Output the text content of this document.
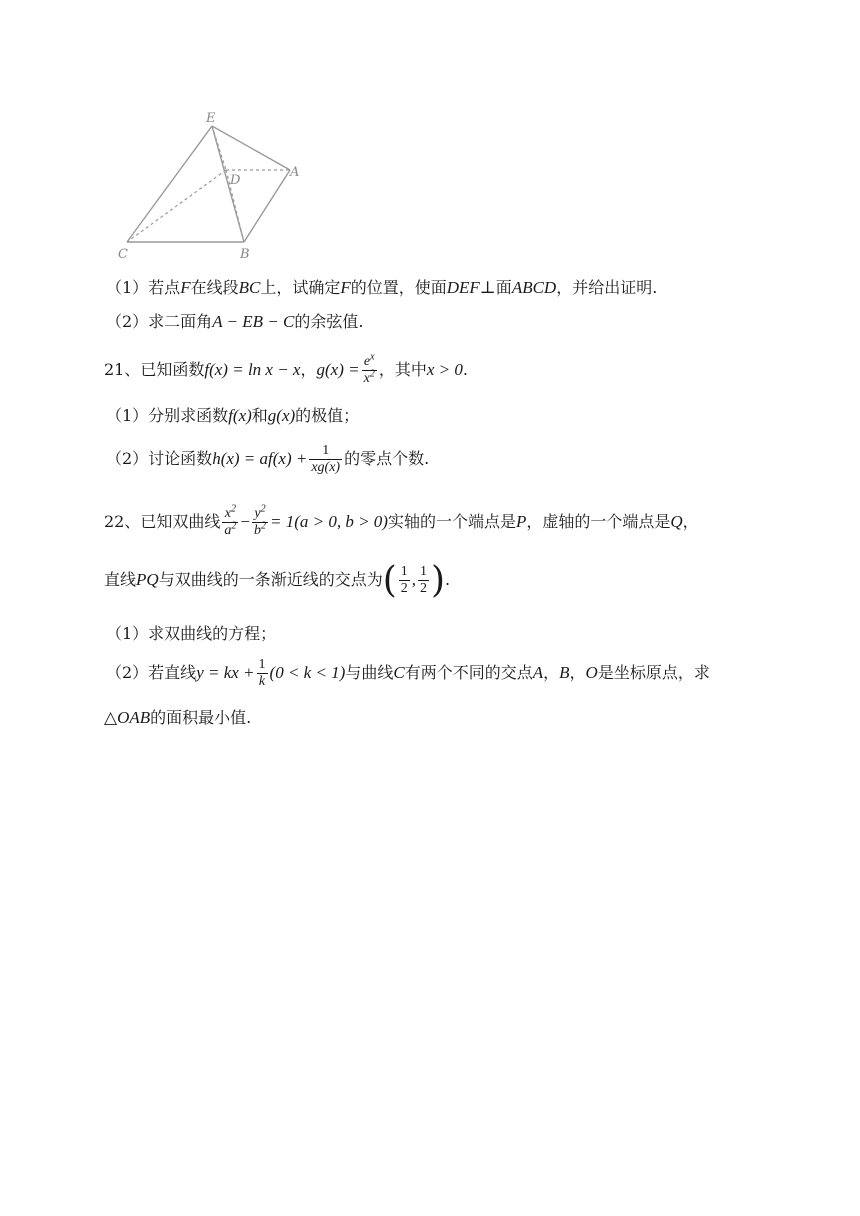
E
D
A
C	B
（1）若点F在线段BC上，试确定F的位置，使面DEF⊥面ABCD，并给出证明.
（2）求二面角A − EB − C的余弦值.
21、已知函数f(x) = ln x − x，$g(x) = \frac{e^x}{x^2}$ ，其中x > 0.
（1）分别求函数f(x)和g(x)的极值；
（2）讨论函数$h(x) = af(x) + \frac{1}{xg(x)}$ 的零点个数.
22、已知双曲线 $\frac{x^2}{a^2} - \frac{y^2}{b^2} = 1(a > 0$, b > 0)实轴的一个端点是P，虚轴的一个端点是Q，
直线PQ与双曲线的一条渐近线的交点为( $\frac{1}{2}$ , $\frac{1}{2}$ ).
（1）求双曲线的方程；
（2）若直线y = kx + $\frac{1}{k} (0 < k < 1)$与曲线C有两个不同的交点A，B，O是坐标原点，求
△OAB的面积最小值.
